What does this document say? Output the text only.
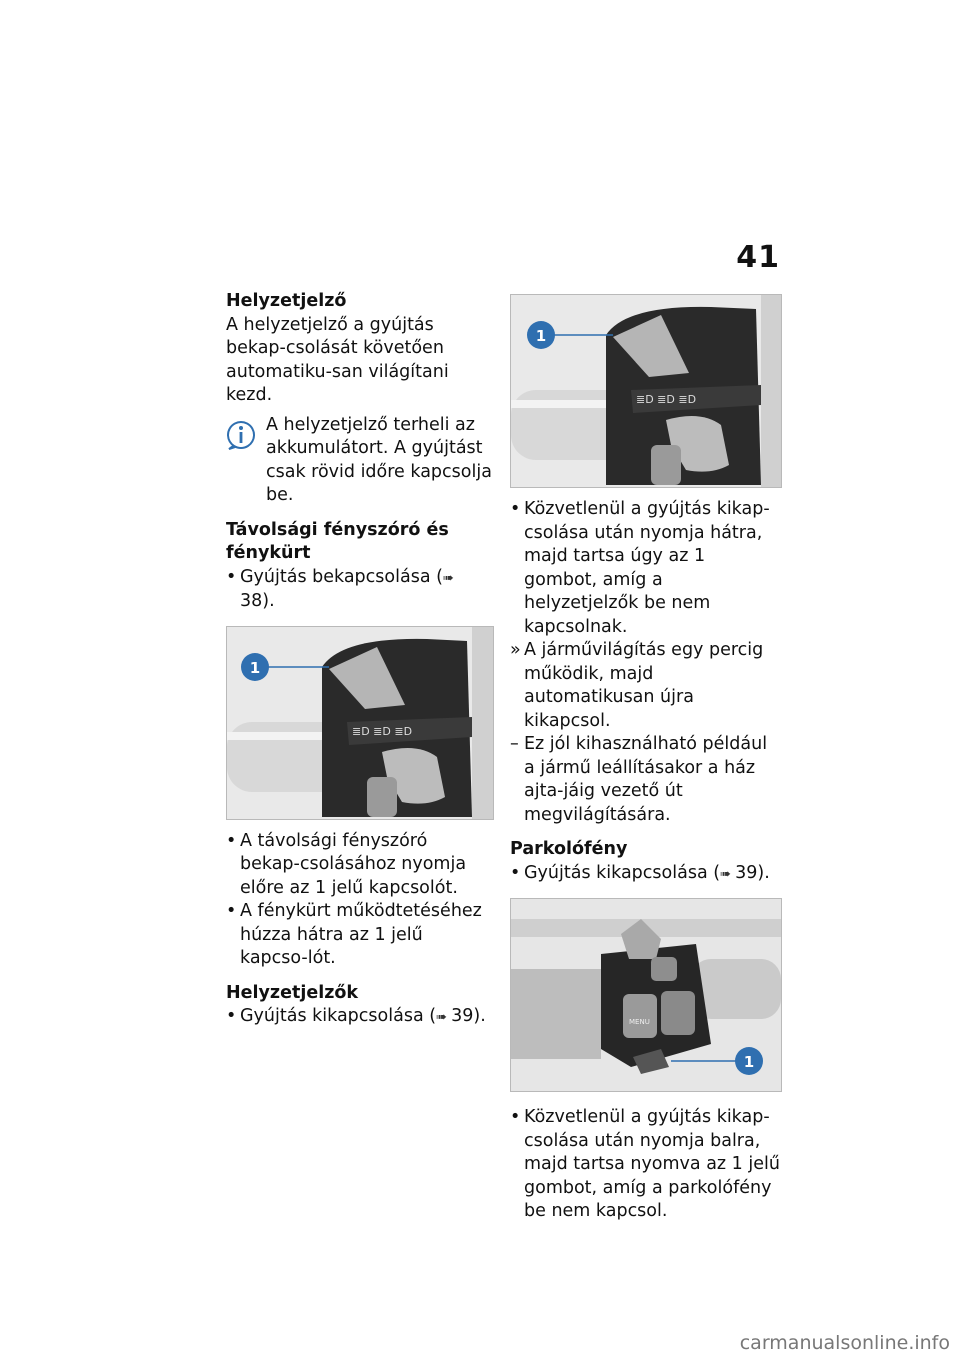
41

Helyzetjelző

A helyzetjelző a gyújtás bekap-csolását követően automatiku-san világítani kezd.

A helyzetjelző terheli az akkumulátort. A gyújtást csak rövid időre kapcsolja be.

Távolsági fényszóró és fénykürt

• Gyújtás bekapcsolása (➠ 38).
≣D ≣D ≣D
1
• A távolsági fényszóró bekap-csolásához nyomja előre az 1 jelű kapcsolót.
• A fénykürt működtetéséhez húzza hátra az 1 jelű kapcso-lót.

Helyzetjelzők

• Gyújtás kikapcsolása (➠ 39).
≣D ≣D ≣D
1
• Közvetlenül a gyújtás kikap-csolása után nyomja hátra, majd tartsa úgy az 1 gombot, amíg a helyzetjelzők be nem kapcsolnak.
» A járművilágítás egy percig működik, majd automatikusan újra kikapcsol.
– Ez jól kihasználható például a jármű leállításakor a ház ajta-jáig vezető út megvilágítására.

Parkolófény

• Gyújtás kikapcsolása (➠ 39).
MENU
1
• Közvetlenül a gyújtás kikap-csolása után nyomja balra, majd tartsa nyomva az 1 jelű gombot, amíg a parkolófény be nem kapcsol.
carmanualsonline.info
